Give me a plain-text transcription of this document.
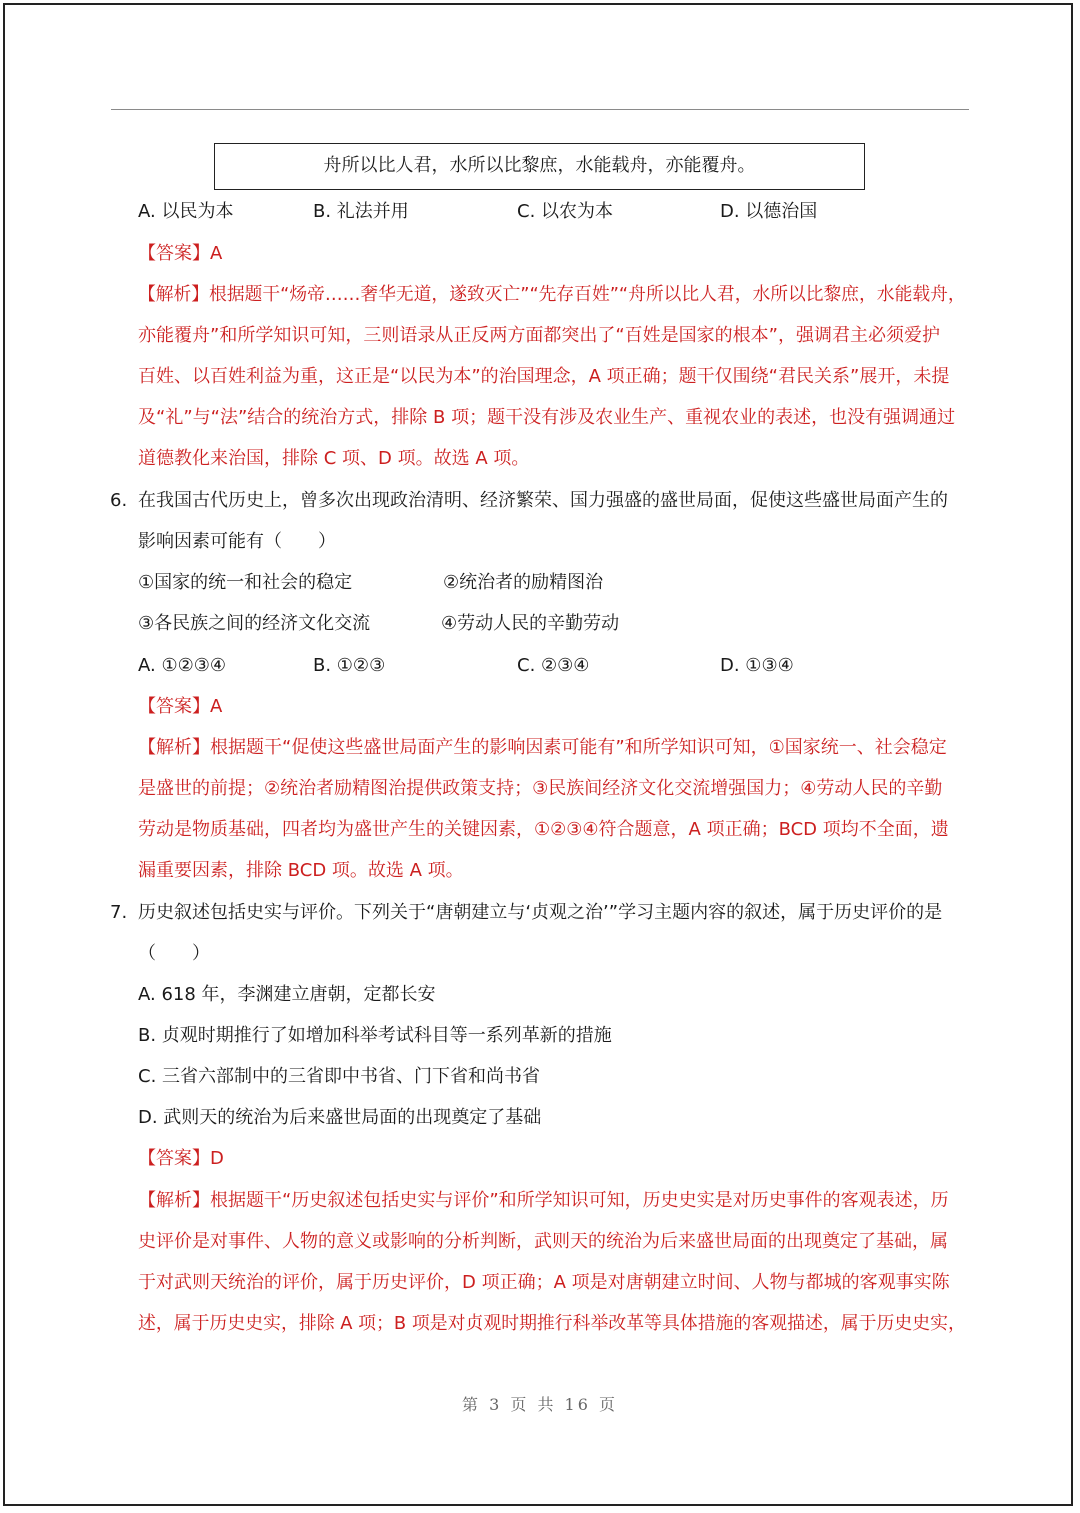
舟所以比人君，水所以比黎庶，水能载舟，亦能覆舟。
A. 以民为本	B. 礼法并用	C. 以农为本	D. 以德治国
【答案】A
【解析】根据题干“炀帝……奢华无道，遂致灭亡”“先存百姓”“舟所以比人君，水所以比黎庶，水能载舟，
亦能覆舟”和所学知识可知，三则语录从正反两方面都突出了“百姓是国家的根本”，强调君主必须爱护
百姓、以百姓利益为重，这正是“以民为本”的治国理念，A 项正确；题干仅围绕“君民关系”展开，未提
及“礼”与“法”结合的统治方式，排除 B 项；题干没有涉及农业生产、重视农业的表述，也没有强调通过
道德教化来治国，排除 C 项、D 项。故选 A 项。
6. 在我国古代历史上，曾多次出现政治清明、经济繁荣、国力强盛的盛世局面，促使这些盛世局面产生的
影响因素可能有（　　）
①国家的统一和社会的稳定	②统治者的励精图治
③各民族之间的经济文化交流	④劳动人民的辛勤劳动
A. ①②③④	B. ①②③	C. ②③④	D. ①③④
【答案】A
【解析】根据题干“促使这些盛世局面产生的影响因素可能有”和所学知识可知，①国家统一、社会稳定
是盛世的前提；②统治者励精图治提供政策支持；③民族间经济文化交流增强国力；④劳动人民的辛勤
劳动是物质基础，四者均为盛世产生的关键因素，①②③④符合题意，A 项正确；BCD 项均不全面，遗
漏重要因素，排除 BCD 项。故选 A 项。
7. 历史叙述包括史实与评价。下列关于“唐朝建立与‘贞观之治’”学习主题内容的叙述，属于历史评价的是
（　　）
A. 618 年，李渊建立唐朝，定都长安
B. 贞观时期推行了如增加科举考试科目等一系列革新的措施
C. 三省六部制中的三省即中书省、门下省和尚书省
D. 武则天的统治为后来盛世局面的出现奠定了基础
【答案】D
【解析】根据题干“历史叙述包括史实与评价”和所学知识可知，历史史实是对历史事件的客观表述，历
史评价是对事件、人物的意义或影响的分析判断，武则天的统治为后来盛世局面的出现奠定了基础，属
于对武则天统治的评价，属于历史评价，D 项正确；A 项是对唐朝建立时间、人物与都城的客观事实陈
述，属于历史史实，排除 A 项；B 项是对贞观时期推行科举改革等具体措施的客观描述，属于历史史实，
第 3 页 共 16 页
